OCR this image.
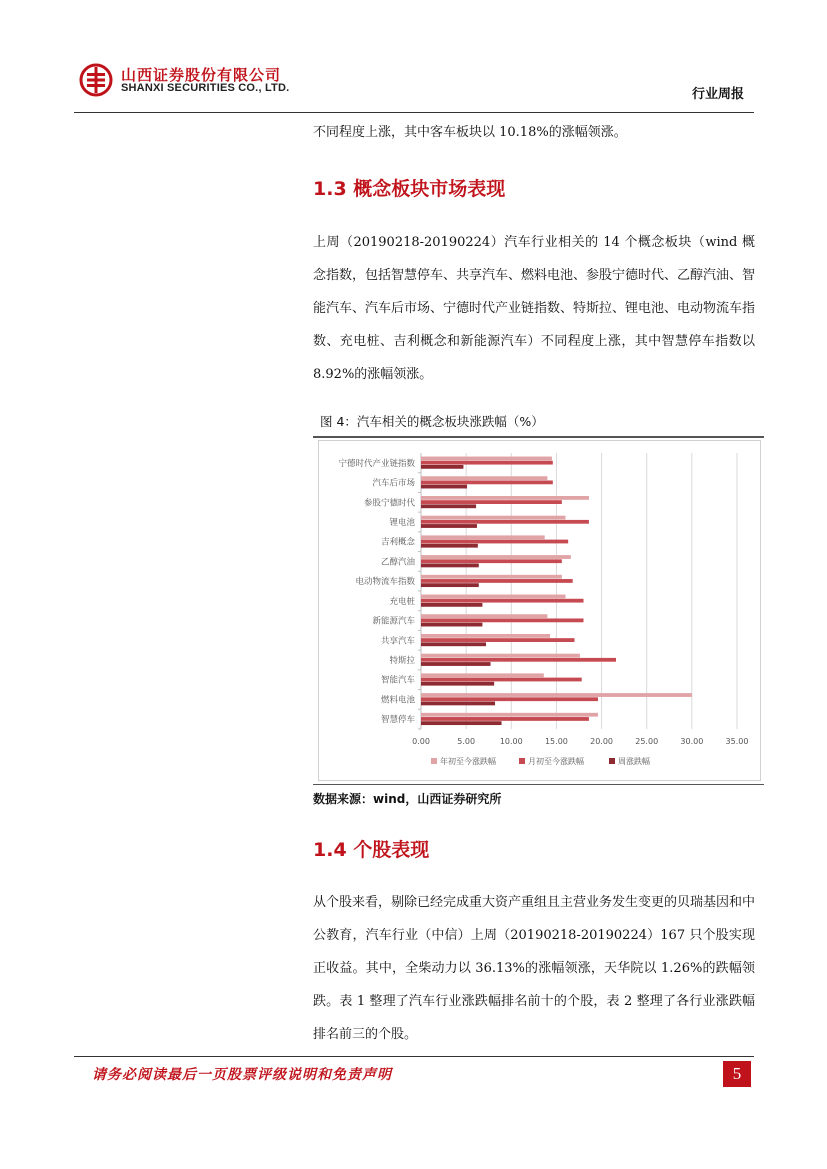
山西证券股份有限公司
SHANXI SECURITIES CO., LTD.	行业周报

不同程度上涨，其中客车板块以 10.18%的涨幅领涨。

1.3 概念板块市场表现

上周（20190218-20190224）汽车行业相关的 14 个概念板块（wind 概念指数，包括智慧停车、共享汽车、燃料电池、参股宁德时代、乙醇汽油、智能汽车、汽车后市场、宁德时代产业链指数、特斯拉、锂电池、电动物流车指数、充电桩、吉利概念和新能源汽车）不同程度上涨，其中智慧停车指数以 8.92%的涨幅领涨。

图 4：汽车相关的概念板块涨跌幅（%）
0.00	5.00	10.00	15.00	20.00	25.00	30.00	35.00
宁德时代产业链指数
汽车后市场
参股宁德时代
锂电池
吉利概念
乙醇汽油
电动物流车指数
充电桩
新能源汽车
共享汽车
特斯拉
智能汽车
燃料电池
智慧停车
年初至今涨跌幅	月初至今涨跌幅	周涨跌幅
数据来源：wind，山西证券研究所
1.4 个股表现

从个股来看，剔除已经完成重大资产重组且主营业务发生变更的贝瑞基因和中公教育，汽车行业（中信）上周（20190218-20190224）167 只个股实现正收益。其中，全柴动力以 36.13%的涨幅领涨，天华院以 1.26%的跌幅领跌。表 1 整理了汽车行业涨跌幅排名前十的个股，表 2 整理了各行业涨跌幅排名前三的个股。

请务必阅读最后一页股票评级说明和免责声明	5
